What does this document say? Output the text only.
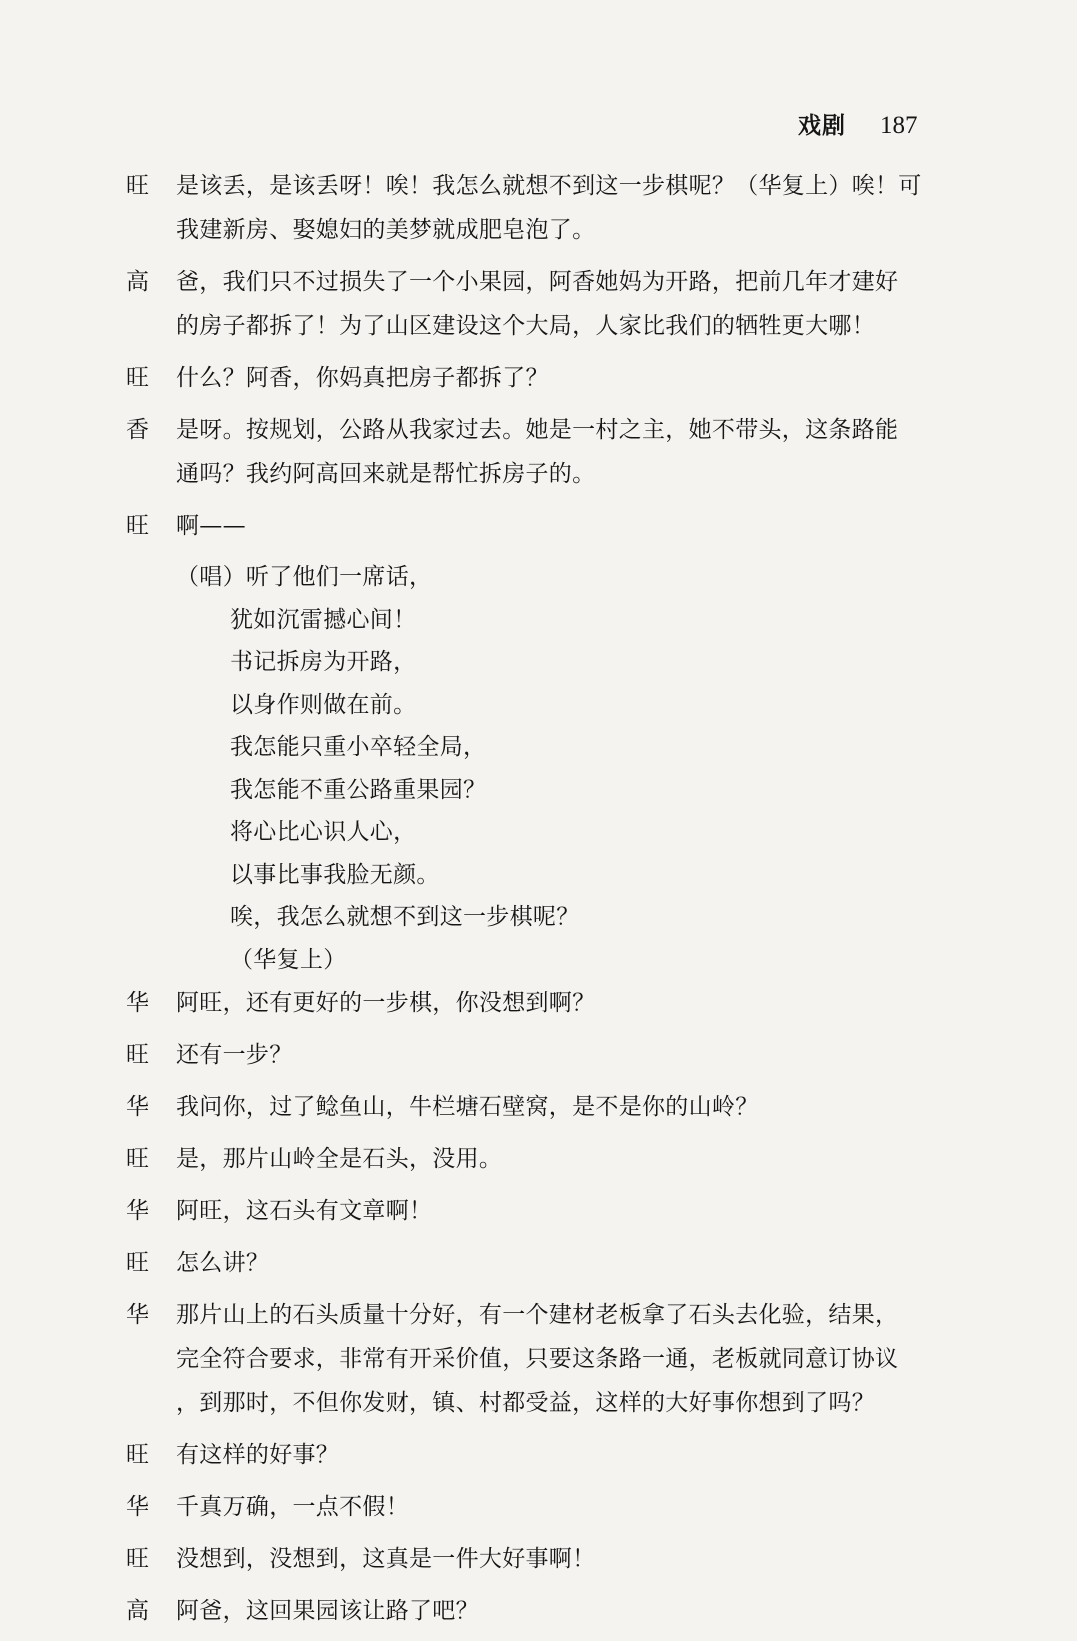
戏剧 187
旺	是该丢，是该丢呀！唉！我怎么就想不到这一步棋呢？（华复上）唉！可
我建新房、娶媳妇的美梦就成肥皂泡了。
高	爸，我们只不过损失了一个小果园，阿香她妈为开路，把前几年才建好
的房子都拆了！为了山区建设这个大局，人家比我们的牺牲更大哪！
旺	什么？阿香，你妈真把房子都拆了？
香	是呀。按规划，公路从我家过去。她是一村之主，她不带头，这条路能
通吗？我约阿高回来就是帮忙拆房子的。
旺	啊——
（唱）听了他们一席话，
犹如沉雷撼心间！
书记拆房为开路，
以身作则做在前。
我怎能只重小卒轻全局，
我怎能不重公路重果园？
将心比心识人心，
以事比事我脸无颜。
唉，我怎么就想不到这一步棋呢？
（华复上）
华	阿旺，还有更好的一步棋，你没想到啊？
旺	还有一步？
华	我问你，过了鲶鱼山，牛栏塘石壁窝，是不是你的山岭？
旺	是，那片山岭全是石头，没用。
华	阿旺，这石头有文章啊！
旺	怎么讲？
华	那片山上的石头质量十分好，有一个建材老板拿了石头去化验，结果，
完全符合要求，非常有开采价值，只要这条路一通，老板就同意订协议
，到那时，不但你发财，镇、村都受益，这样的大好事你想到了吗？
旺	有这样的好事？
华	千真万确，一点不假！
旺	没想到，没想到，这真是一件大好事啊！
高	阿爸，这回果园该让路了吧？
